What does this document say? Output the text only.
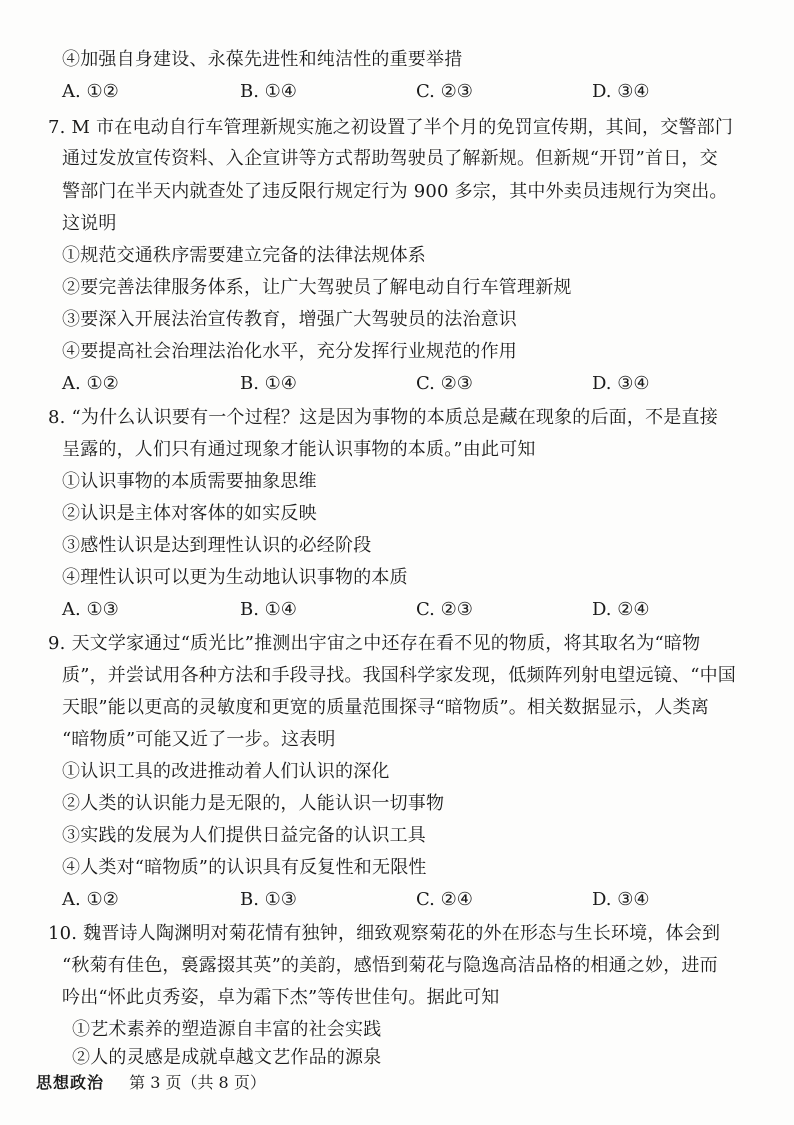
④加强自身建设、永葆先进性和纯洁性的重要举措
A. ①②	B. ①④	C. ②③	D. ③④
7. M 市在电动自行车管理新规实施之初设置了半个月的免罚宣传期，其间，交警部门
通过发放宣传资料、入企宣讲等方式帮助驾驶员了解新规。但新规“开罚”首日，交
警部门在半天内就查处了违反限行规定行为 900 多宗，其中外卖员违规行为突出。
这说明
①规范交通秩序需要建立完备的法律法规体系
②要完善法律服务体系，让广大驾驶员了解电动自行车管理新规
③要深入开展法治宣传教育，增强广大驾驶员的法治意识
④要提高社会治理法治化水平，充分发挥行业规范的作用
A. ①②	B. ①④	C. ②③	D. ③④
8. “为什么认识要有一个过程？这是因为事物的本质总是藏在现象的后面，不是直接
呈露的，人们只有通过现象才能认识事物的本质。”由此可知
①认识事物的本质需要抽象思维
②认识是主体对客体的如实反映
③感性认识是达到理性认识的必经阶段
④理性认识可以更为生动地认识事物的本质
A. ①③	B. ①④	C. ②③	D. ②④
9. 天文学家通过“质光比”推测出宇宙之中还存在看不见的物质，将其取名为“暗物
质”，并尝试用各种方法和手段寻找。我国科学家发现，低频阵列射电望远镜、“中国
天眼”能以更高的灵敏度和更宽的质量范围探寻“暗物质”。相关数据显示，人类离
“暗物质”可能又近了一步。这表明
①认识工具的改进推动着人们认识的深化
②人类的认识能力是无限的，人能认识一切事物
③实践的发展为人们提供日益完备的认识工具
④人类对“暗物质”的认识具有反复性和无限性
A. ①②	B. ①③	C. ②④	D. ③④
10. 魏晋诗人陶渊明对菊花情有独钟，细致观察菊花的外在形态与生长环境，体会到
“秋菊有佳色，裛露掇其英”的美韵，感悟到菊花与隐逸高洁品格的相通之妙，进而
吟出“怀此贞秀姿，卓为霜下杰”等传世佳句。据此可知
①艺术素养的塑造源自丰富的社会实践
②人的灵感是成就卓越文艺作品的源泉
思想政治 第 3 页（共 8 页）
